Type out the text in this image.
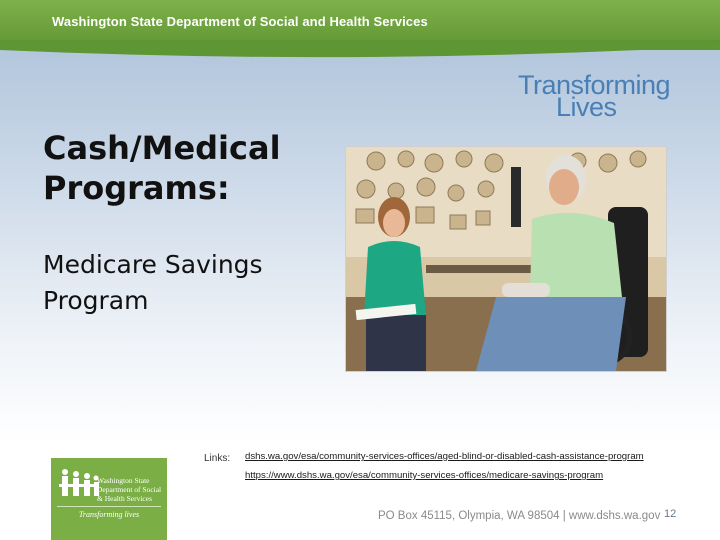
Washington State Department of Social and Health Services
Transforming
Lives
Cash/Medical Programs:
Medicare Savings Program
Links: dshs.wa.gov/esa/community-services-offices/aged-blind-or-disabled-cash-assistance-program
https://www.dshs.wa.gov/esa/community-services-offices/medicare-savings-program
Washington State
Department of Social
& Health Services
Transforming lives	PO Box 45115, Olympia, WA 98504 | www.dshs.wa.gov 12
